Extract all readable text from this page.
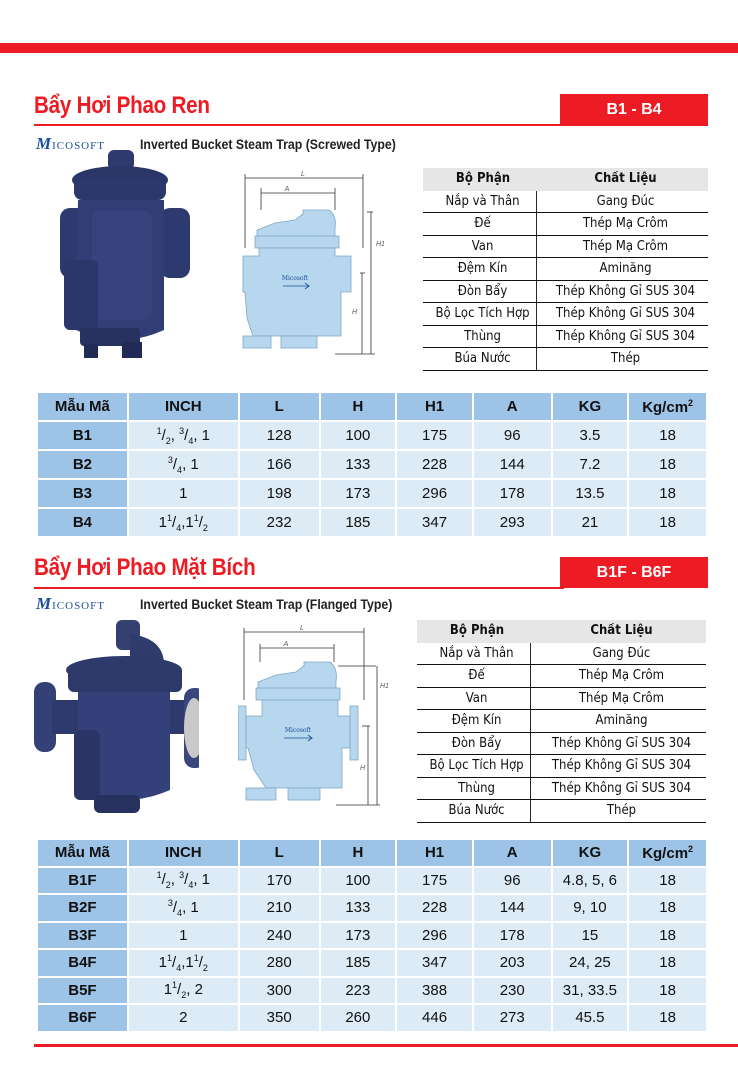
Bẩy Hơi Phao Ren	B1 - B4
Micosoft	Inverted Bucket Steam Trap (Screwed Type)
L
A
H1
H
Micosoft
Bộ Phận	Chất Liệu
Nắp và Thân	Gang Đúc
Đế	Thép Mạ Crôm
Van	Thép Mạ Crôm
Đệm Kín	Aminăng
Đòn Bẩy	Thép Không Gỉ SUS 304
Bộ Lọc Tích Hợp	Thép Không Gỉ SUS 304
Thùng	Thép Không Gỉ SUS 304
Búa Nước	Thép
Mẫu Mã	INCH	L	H	H1	A	KG	$Kg/cm^2$
B1	$^1/_2$, $^3/_4$, 1	128	100	175	96	3.5	18
B2	$^3/_4$, 1	166	133	228	144	7.2	18
B3	1	198	173	296	178	13.5	18
B4	$1^1/_4,1^1/_2$	232	185	347	293	21	18
Bẩy Hơi Phao Mặt Bích	B1F - B6F
Micosoft	Inverted Bucket Steam Trap (Flanged Type)
L
A
H1
H
Micosoft
Bộ Phận	Chất Liệu
Nắp và Thân	Gang Đúc
Đế	Thép Mạ Crôm
Van	Thép Mạ Crôm
Đệm Kín	Aminăng
Đòn Bẩy	Thép Không Gỉ SUS 304
Bộ Lọc Tích Hợp	Thép Không Gỉ SUS 304
Thùng	Thép Không Gỉ SUS 304
Búa Nước	Thép
Mẫu Mã	INCH	L	H	H1	A	KG	$Kg/cm^2$
B1F	$^1/_2$, $^3/_4$, 1	170	100	175	96	4.8, 5, 6	18
B2F	$^3/_4$, 1	210	133	228	144	9, 10	18
B3F	1	240	173	296	178	15	18
B4F	$1^1/_4,1^1/_2$	280	185	347	203	24, 25	18
B5F	$1^1/_2$, 2	300	223	388	230	31, 33.5	18
B6F	2	350	260	446	273	45.5	18
